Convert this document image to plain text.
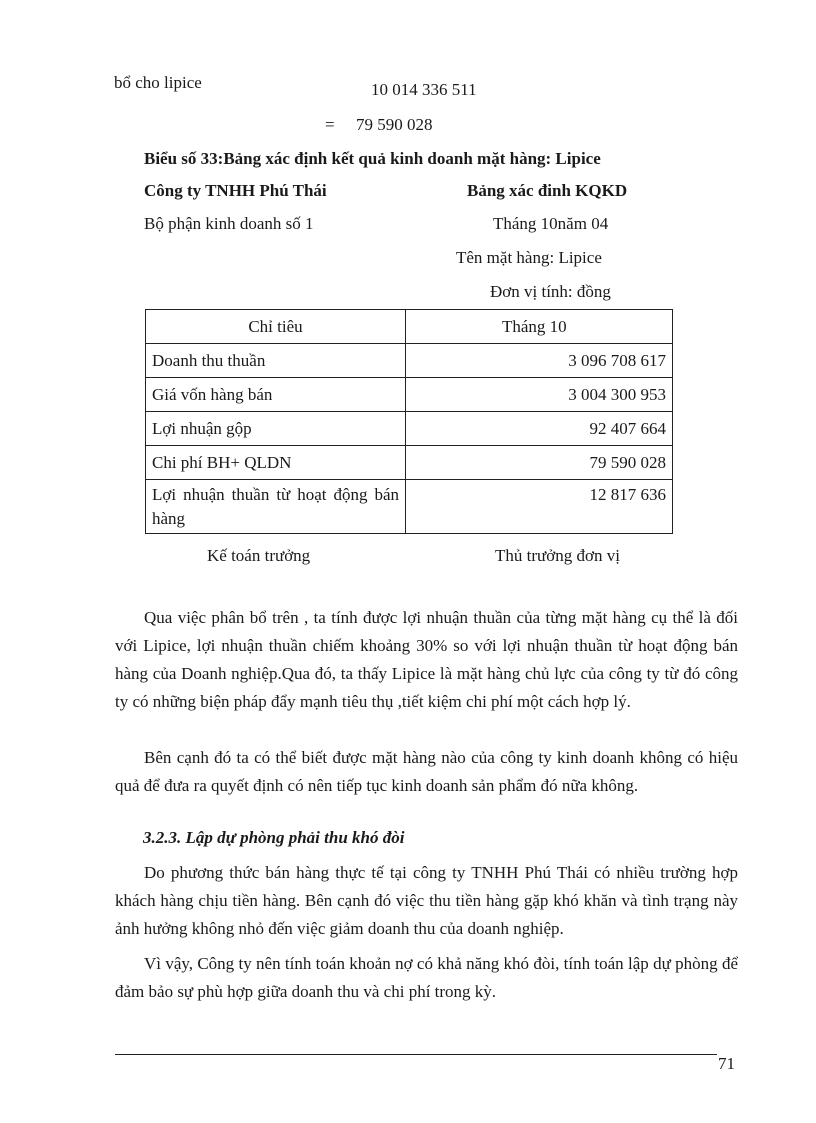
bổ cho lipice	10 014 336 511
= 79 590 028
Biểu số 33:Bảng xác định kết quả kinh doanh mặt hàng: Lipice
Công ty TNHH Phú Thái	Bảng xác đinh KQKD
Bộ phận kinh doanh số 1	Tháng 10năm 04
Tên mặt hàng: Lipice
Đơn vị tính: đồng
Chỉ tiêu	Tháng 10
Doanh thu thuần	3 096 708 617
Giá vốn hàng bán	3 004 300 953
Lợi nhuận gộp	92 407 664
Chi phí BH+ QLDN	79 590 028
Lợi nhuận thuần từ hoạt động bán hàng	12 817 636
Kế toán trưởng	Thủ trưởng đơn vị

Qua việc phân bổ trên , ta tính được lợi nhuận thuần của từng mặt hàng cụ thể là đối với Lipice, lợi nhuận thuần chiếm khoảng 30% so với lợi nhuận thuần từ hoạt động bán hàng của Doanh nghiệp.Qua đó, ta thấy Lipice là mặt hàng chủ lực của công ty từ đó công ty có những biện pháp đẩy mạnh tiêu thụ ,tiết kiệm chi phí một cách hợp lý.

Bên cạnh đó ta có thể biết được mặt hàng nào của công ty kinh doanh không có hiệu quả để đưa ra quyết định có nên tiếp tục kinh doanh sản phẩm đó nữa không.

3.2.3. Lập dự phòng phải thu khó đòi

Do phương thức bán hàng thực tế tại công ty TNHH Phú Thái có nhiều trường hợp khách hàng chịu tiền hàng. Bên cạnh đó việc thu tiền hàng gặp khó khăn và tình trạng này ảnh hưởng không nhỏ đến việc giảm doanh thu của doanh nghiệp.

Vì vậy, Công ty nên tính toán khoản nợ có khả năng khó đòi, tính toán lập dự phòng để đảm bảo sự phù hợp giữa doanh thu và chi phí trong kỳ.

71
